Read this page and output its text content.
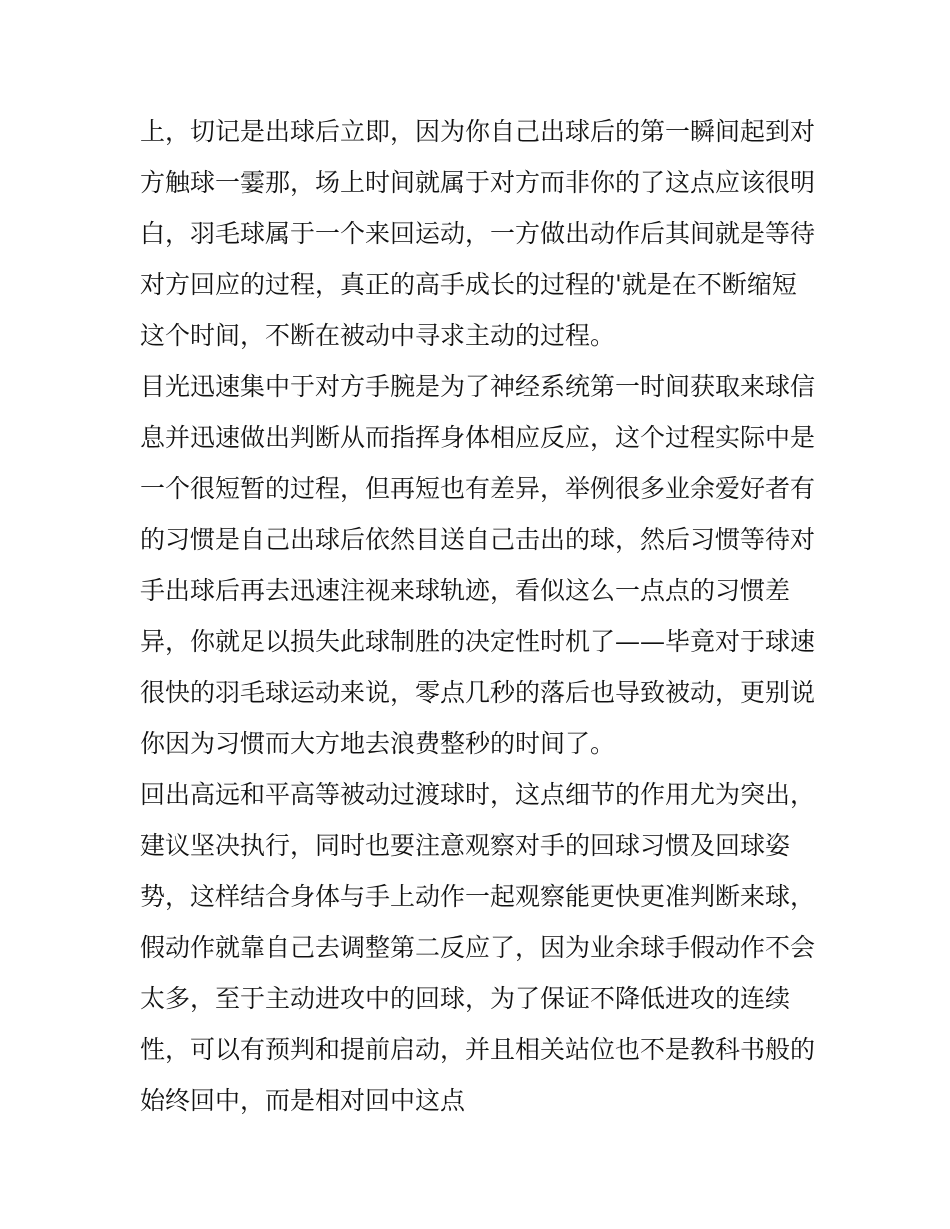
上，切记是出球后立即，因为你自己出球后的第一瞬间起到对
方触球一霎那，场上时间就属于对方而非你的了这点应该很明
白，羽毛球属于一个来回运动，一方做出动作后其间就是等待
对方回应的过程，真正的高手成长的过程的'就是在不断缩短
这个时间，不断在被动中寻求主动的过程。
目光迅速集中于对方手腕是为了神经系统第一时间获取来球信
息并迅速做出判断从而指挥身体相应反应，这个过程实际中是
一个很短暂的过程，但再短也有差异，举例很多业余爱好者有
的习惯是自己出球后依然目送自己击出的球，然后习惯等待对
手出球后再去迅速注视来球轨迹，看似这么一点点的习惯差
异，你就足以损失此球制胜的决定性时机了——毕竟对于球速
很快的羽毛球运动来说，零点几秒的落后也导致被动，更别说
你因为习惯而大方地去浪费整秒的时间了。
回出高远和平高等被动过渡球时，这点细节的作用尤为突出，
建议坚决执行，同时也要注意观察对手的回球习惯及回球姿
势，这样结合身体与手上动作一起观察能更快更准判断来球，
假动作就靠自己去调整第二反应了，因为业余球手假动作不会
太多，至于主动进攻中的回球，为了保证不降低进攻的连续
性，可以有预判和提前启动，并且相关站位也不是教科书般的
始终回中，而是相对回中这点
